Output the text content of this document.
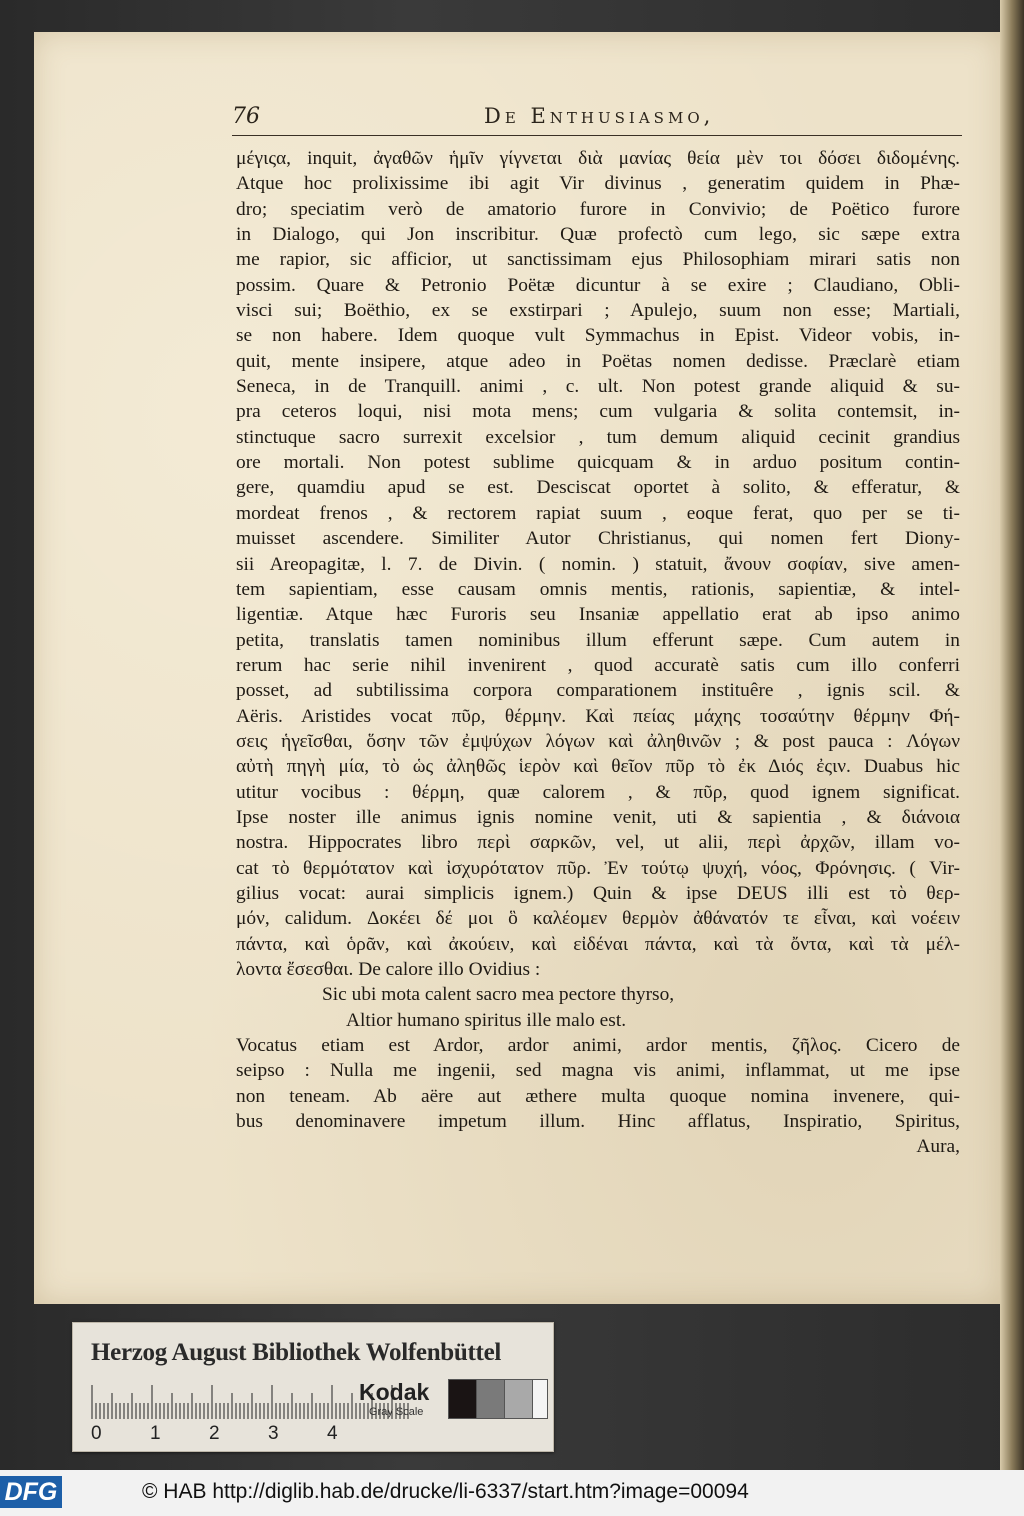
76	De Enthusiasmo,
μέγιςα, inquit, ἀγαθῶν ἡμῖν γίγνεται διὰ μανίας θεία μὲν τοι δόσει διδομένης.
Atque hoc prolixissime ibi agit Vir divinus , generatim quidem in Phæ-
dro; speciatim verò de amatorio furore in Convivio; de Poëtico furore
in Dialogo, qui Jon inscribitur. Quæ profectò cum lego, sic sæpe extra
me rapior, sic afficior, ut sanctissimam ejus Philosophiam mirari satis non
possim. Quare & Petronio Poëtæ dicuntur à se exire ; Claudiano, Obli-
visci sui; Boëthio, ex se exstirpari ; Apulejo, suum non esse; Martiali,
se non habere. Idem quoque vult Symmachus in Epist. Videor vobis, in-
quit, mente insipere, atque adeo in Poëtas nomen dedisse. Præclarè etiam
Seneca, in de Tranquill. animi , c. ult. Non potest grande aliquid & su-
pra ceteros loqui, nisi mota mens; cum vulgaria & solita contemsit, in-
stinctuque sacro surrexit excelsior , tum demum aliquid cecinit grandius
ore mortali. Non potest sublime quicquam & in arduo positum contin-
gere, quamdiu apud se est. Desciscat oportet à solito, & efferatur, &
mordeat frenos , & rectorem rapiat suum , eoque ferat, quo per se ti-
muisset ascendere. Similiter Autor Christianus, qui nomen fert Diony-
sii Areopagitæ, l. 7. de Divin. ( nomin. ) statuit, ἄνουν σοφίαν, sive amen-
tem sapientiam, esse causam omnis mentis, rationis, sapientiæ, & intel-
ligentiæ. Atque hæc Furoris seu Insaniæ appellatio erat ab ipso animo
petita, translatis tamen nominibus illum efferunt sæpe. Cum autem in
rerum hac serie nihil invenirent , quod accuratè satis cum illo conferri
posset, ad subtilissima corpora comparationem instituêre , ignis scil. &
Aëris. Aristides vocat πῦρ, θέρμην. Καὶ πείας μάχης τοσαύτην θέρμην Φή-
σεις ἡγεῖσθαι, ὅσην τῶν ἐμψύχων λόγων καὶ ἀληθινῶν ; & post pauca : Λόγων
αὐτὴ πηγὴ μία, τὸ ὡς ἀληθῶς ἱερὸν καὶ θεῖον πῦρ τὸ ἐκ Διός ἐςιν. Duabus hic
utitur vocibus : θέρμη, quæ calorem , & πῦρ, quod ignem significat.
Ipse noster ille animus ignis nomine venit, uti & sapientia , & διάνοια
nostra. Hippocrates libro περὶ σαρκῶν, vel, ut alii, περὶ ἀρχῶν, illam vo-
cat τὸ θερμότατον καὶ ἰσχυρότατον πῦρ. Ἐν τούτῳ ψυχή, νόος, Φρόνησις. ( Vir-
gilius vocat: aurai simplicis ignem.) Quin & ipse DEUS illi est τὸ θερ-
μόν, calidum. Δοκέει δέ μοι ὃ καλέομεν θερμὸν ἀθάνατόν τε εἶναι, καὶ νοέειν
πάντα, καὶ ὁρᾶν, καὶ ἀκούειν, καὶ εἰδέναι πάντα, καὶ τὰ ὄντα, καὶ τὰ μέλ-
λοντα ἔσεσθαι. De calore illo Ovidius :
Sic ubi mota calent sacro mea pectore thyrso,
Altior humano spiritus ille malo est.
Vocatus etiam est Ardor, ardor animi, ardor mentis, ζῆλος. Cicero de
seipso : Nulla me ingenii, sed magna vis animi, inflammat, ut me ipse
non teneam. Ab aëre aut æthere multa quoque nomina invenere, qui-
bus denominavere impetum illum. Hinc afflatus, Inspiratio, Spiritus,
Aura,
Herzog August Bibliothek Wolfenbüttel
0	1	2	3	4
Kodak
Gray Scale
DFG	© HAB http://diglib.hab.de/drucke/li-6337/start.htm?image=00094
